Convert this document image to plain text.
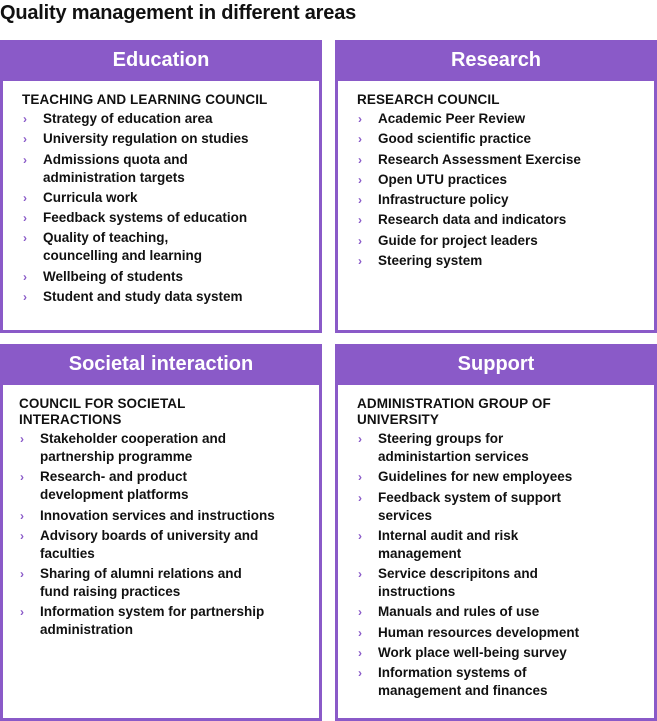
Quality management in different areas
Education
TEACHING AND LEARNING COUNCIL
› Strategy of education area
› University regulation on studies
› Admissions quota and administration targets
› Curricula work
› Feedback systems of education
› Quality of teaching, councelling and learning
› Wellbeing of students
› Student and study data system
Research
RESEARCH COUNCIL
› Academic Peer Review
› Good scientific practice
› Research Assessment Exercise
› Open UTU practices
› Infrastructure policy
› Research data and indicators
› Guide for project leaders
› Steering system
Societal interaction
COUNCIL FOR SOCIETAL INTERACTIONS
› Stakeholder cooperation and partnership programme
› Research- and product development platforms
› Innovation services and instructions
› Advisory boards of university and faculties
› Sharing of alumni relations and fund raising practices
› Information system for partnership administration
Support
ADMINISTRATION GROUP OF UNIVERSITY
› Steering groups for administartion services
› Guidelines for new employees
› Feedback system of support services
› Internal audit and risk management
› Service descripitons and instructions
› Manuals and rules of use
› Human resources development
› Work place well-being survey
› Information systems of management and finances
